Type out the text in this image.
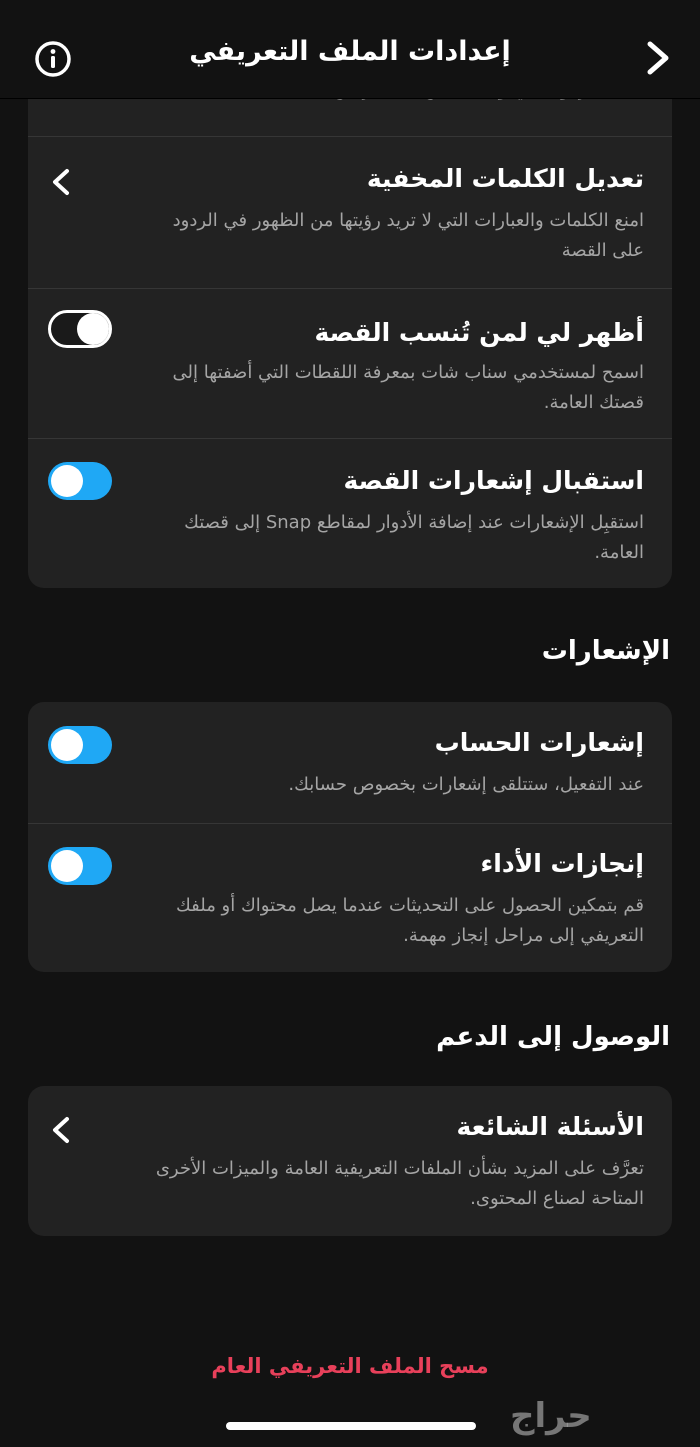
إعدادات الملف التعريفي
تعديل الكلمات المخفية
امنع الكلمات والعبارات التي لا تريد رؤيتها من الظهور في الردود على القصة
أظهر لي لمن تُنسب القصة
اسمح لمستخدمي سناب شات بمعرفة اللقطات التي أضفتها إلى قصتك العامة.
استقبال إشعارات القصة
استقبِل الإشعارات عند إضافة الأدوار لمقاطع Snap إلى قصتك العامة.
الإشعارات
إشعارات الحساب
عند التفعيل، ستتلقى إشعارات بخصوص حسابك.
إنجازات الأداء
قم بتمكين الحصول على التحديثات عندما يصل محتواك أو ملفك التعريفي إلى مراحل إنجاز مهمة.
الوصول إلى الدعم
الأسئلة الشائعة
تعرَّف على المزيد بشأن الملفات التعريفية العامة والميزات الأخرى المتاحة لصناع المحتوى.
مسح الملف التعريفي العام
حراج
